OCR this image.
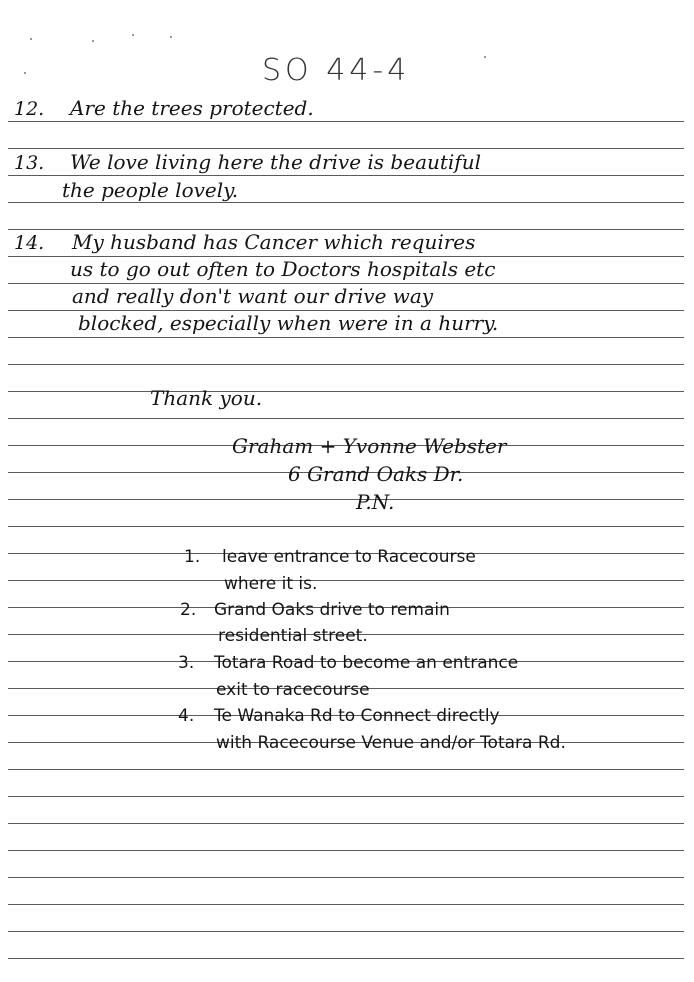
SO 44-4
12. Are the trees protected.
13. We love living here the drive is beautiful
the people lovely.
14. My husband has Cancer which requires
us to go out often to Doctors hospitals etc
and really don't want our drive way
blocked, especially when were in a hurry.
Thank you.
Graham + Yvonne Webster
6 Grand Oaks Dr.
P.N.
1. leave entrance to Racecourse
where it is.
2. Grand Oaks drive to remain
residential street.
3. Totara Road to become an entrance
exit to racecourse
4. Te Wanaka Rd to Connect directly
with Racecourse Venue and/or Totara Rd.
